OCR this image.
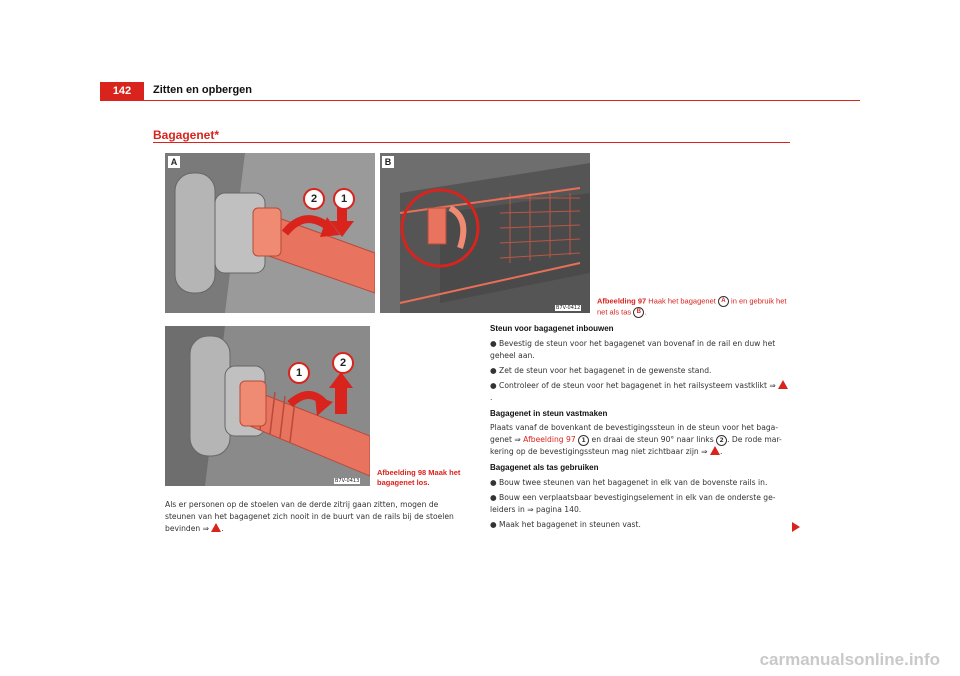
142	Zitten en opbergen
Bagagenet*
A
2	1
B
B7V-0412
Afbeelding 97 Haak het bagagenet A in en gebruik het net als tas B .
1
2
B7V-0413
Afbeelding 98 Maak het bagagenet los.
Als er personen op de stoelen van de derde zitrij gaan zitten, mogen de steunen van het bagagenet zich nooit in de buurt van de rails bij de stoelen bevinden ⇒ .

Steun voor bagagenet inbouwen

● Bevestig de steun voor het bagagenet van bovenaf in de rail en duw het geheel aan.

● Zet de steun voor het bagagenet in de gewenste stand.

● Controleer of de steun voor het bagagenet in het railsysteem vastklikt ⇒ .

Bagagenet in steun vastmaken

Plaats vanaf de bovenkant de bevestigingssteun in de steun voor het baga-genet ⇒ Afbeelding 97 1 en draai de steun 90° naar links 2 . De rode mar-kering op de bevestigingssteun mag niet zichtbaar zijn ⇒ .

Bagagenet als tas gebruiken

● Bouw twee steunen van het bagagenet in elk van de bovenste rails in.

● Bouw een verplaatsbaar bevestigingselement in elk van de onderste ge-leiders in ⇒ pagina 140.

● Maak het bagagenet in steunen vast.

carmanualsonline.info
